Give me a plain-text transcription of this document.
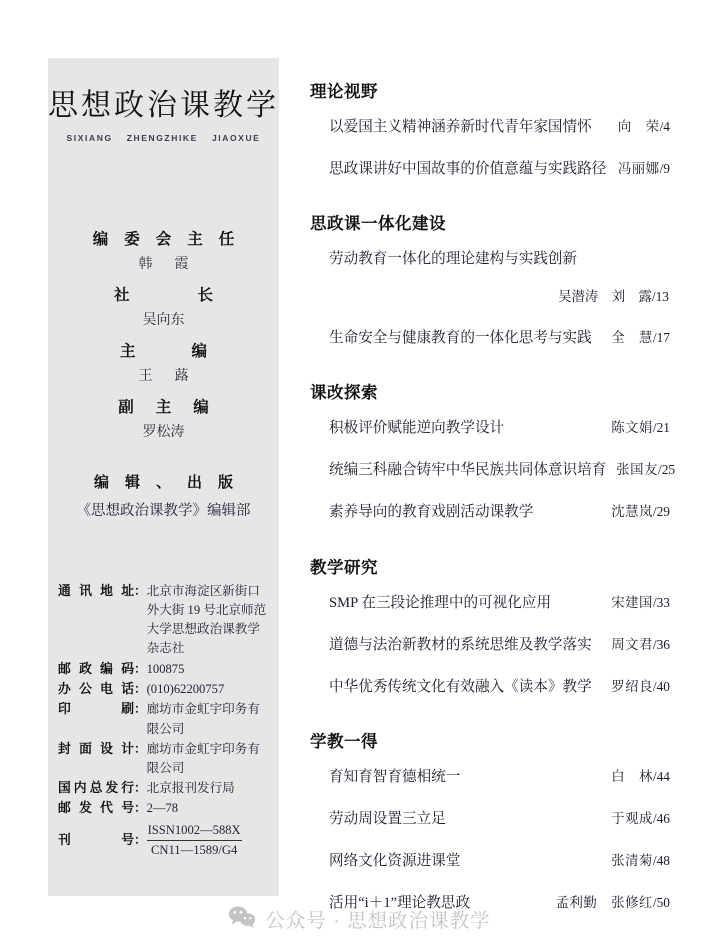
思想政治课教学
SIXIANG ZHENGZHIKE JIAOXUE
编 委 会 主 任
韩 霞
社	长
吴向东
主	编
王 蕗
副 主 编
罗松涛
编 辑 、 出 版
《思想政治课教学》编辑部
通 讯 地 址 ： 北京市海淀区新街口
外大街 19 号北京师范
大学思想政治课教学
杂志社
邮 政 编 码 ： 100875
办 公 电 话 ： (010)62200757
印

　	刷 ： 廊坊市金虹宇印务有
限公司
封 面 设 计 ： 廊坊市金虹宇印务有
限公司
国 内 总 发 行 ： 北京报刊发行局
邮 发 代 号 ： 2—78
刊

　	号 ： $\frac{\text{ISSN1002—588X}}{CN11—1589/G4}$
理论视野
以爱国主义精神涵养新时代青年家国情怀 向　荣/4
思政课讲好中国故事的价值意蕴与实践路径 冯丽娜/9
思政课一体化建设
劳动教育一体化的理论建构与实践创新
吴潜涛　刘　露/13
生命安全与健康教育的一体化思考与实践 全　慧/17
课改探索
积极评价赋能逆向教学设计	陈文娟/21
统编三科融合铸牢中华民族共同体意识培育 张国友/25
素养导向的教育戏剧活动课教学	沈慧岚/29
教学研究
SMP 在三段论推理中的可视化应用	宋建国/33
道德与法治新教材的系统思维及教学落实 周文君/36
中华优秀传统文化有效融入《读本》教学 罗绍良/40
学教一得
育知育智育德相统一	白　林/44
劳动周设置三立足	于观成/46
网络文化资源进课堂	张清菊/48
活用“i＋1”理论教思政	孟利勤　张修红/50
公众号 · 思想政治课教学
